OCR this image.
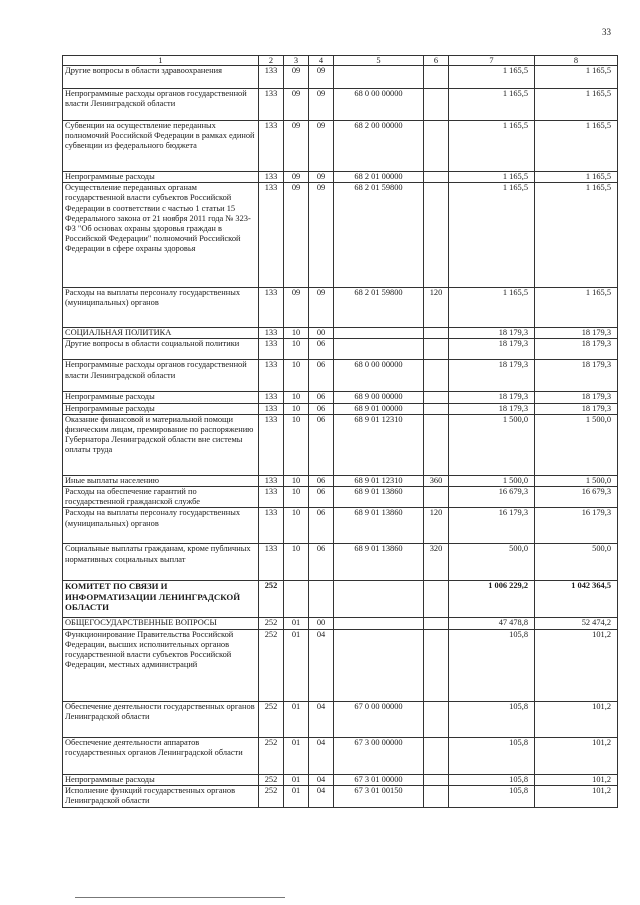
33
1	2	3	4	5	6	7	8
Другие вопросы в области здравоохранения	133	09	09			1 165,5	1 165,5
Непрограммные расходы органов государственной власти Ленинградской области	133	09	09	68 0 00 00000		1 165,5	1 165,5
Субвенции на осуществление переданных полномочий Российской Федерации в рамках единой субвенции из федерального бюджета	133	09	09	68 2 00 00000		1 165,5	1 165,5
Непрограммные расходы	133	09	09	68 2 01 00000		1 165,5	1 165,5
Осуществление переданных органам государственной власти субъектов Российской Федерации в соответствии с частью 1 статьи 15 Федерального закона от 21 ноября 2011 года № 323-ФЗ "Об основах охраны здоровья граждан в Российской Федерации" полномочий Российской Федерации в сфере охраны здоровья	133	09	09	68 2 01 59800		1 165,5	1 165,5
Расходы на выплаты персоналу государственных (муниципальных) органов	133	09	09	68 2 01 59800	120	1 165,5	1 165,5
СОЦИАЛЬНАЯ ПОЛИТИКА	133	10	00			18 179,3	18 179,3
Другие вопросы в области социальной политики	133	10	06			18 179,3	18 179,3
Непрограммные расходы органов государственной власти Ленинградской области	133	10	06	68 0 00 00000		18 179,3	18 179,3
Непрограммные расходы	133	10	06	68 9 00 00000		18 179,3	18 179,3
Непрограммные расходы	133	10	06	68 9 01 00000		18 179,3	18 179,3
Оказание финансовой и материальной помощи физическим лицам, премирование по распоряжению Губернатора Ленинградской области вне системы оплаты труда	133	10	06	68 9 01 12310		1 500,0	1 500,0
Иные выплаты населению	133	10	06	68 9 01 12310	360	1 500,0	1 500,0
Расходы на обеспечение гарантий по государственной гражданской службе	133	10	06	68 9 01 13860		16 679,3	16 679,3
Расходы на выплаты персоналу государственных (муниципальных) органов	133	10	06	68 9 01 13860	120	16 179,3	16 179,3
Социальные выплаты гражданам, кроме публичных нормативных социальных выплат	133	10	06	68 9 01 13860	320	500,0	500,0
КОМИТЕТ ПО СВЯЗИ И ИНФОРМАТИЗАЦИИ ЛЕНИНГРАДСКОЙ ОБЛАСТИ	252					1 006 229,2	1 042 364,5
ОБЩЕГОСУДАРСТВЕННЫЕ ВОПРОСЫ	252	01	00			47 478,8	52 474,2
Функционирование Правительства Российской Федерации, высших исполнительных органов государственной власти субъектов Российской Федерации, местных администраций	252	01	04			105,8	101,2
Обеспечение деятельности государственных органов Ленинградской области	252	01	04	67 0 00 00000		105,8	101,2
Обеспечение деятельности аппаратов государственных органов Ленинградской области	252	01	04	67 3 00 00000		105,8	101,2
Непрограммные расходы	252	01	04	67 3 01 00000		105,8	101,2
Исполнение функций государственных органов Ленинградской области	252	01	04	67 3 01 00150		105,8	101,2
